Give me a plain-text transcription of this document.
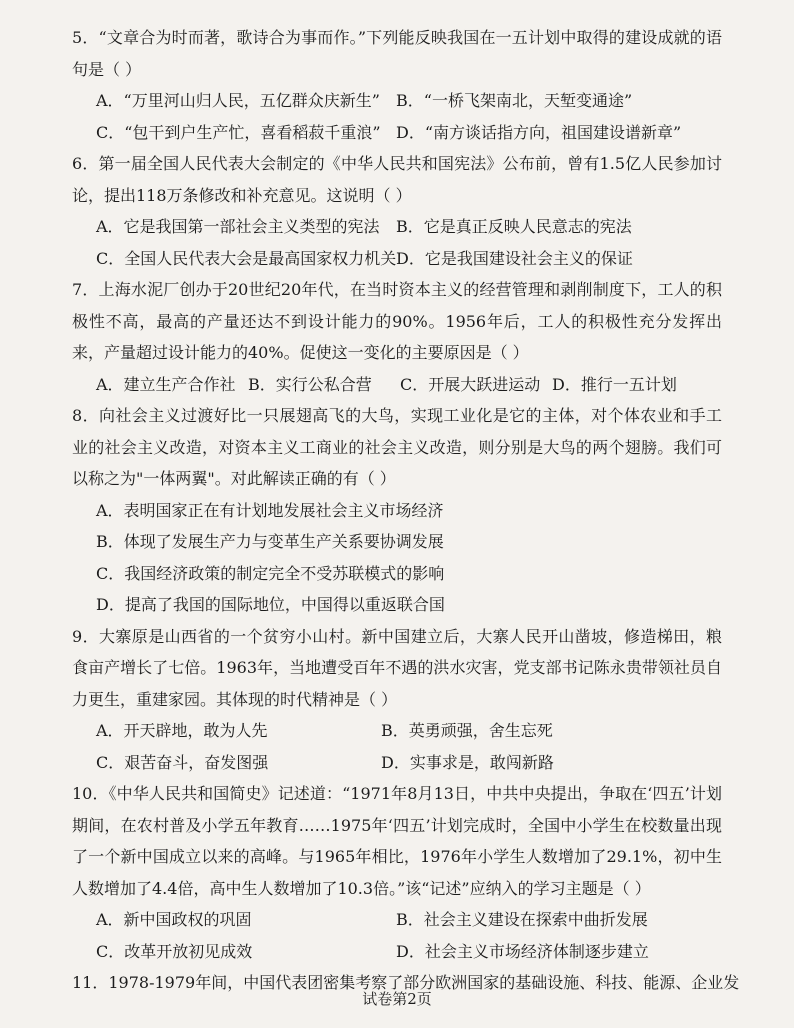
5．“文章合为时而著，歌诗合为事而作。”下列能反映我国在一五计划中取得的建设成就的语句是（ ）
A．“万里河山归人民，五亿群众庆新生”	B．“一桥飞架南北，天堑变通途”
C．“包干到户生产忙，喜看稻菽千重浪” D．“南方谈话指方向，祖国建设谱新章”
6．第一届全国人民代表大会制定的《中华人民共和国宪法》公布前，曾有1.5亿人民参加讨论，提出118万条修改和补充意见。这说明（ ）
A．它是我国第一部社会主义类型的宪法	B．它是真正反映人民意志的宪法
C．全国人民代表大会是最高国家权力机关 D．它是我国建设社会主义的保证
7．上海水泥厂创办于20世纪20年代，在当时资本主义的经营管理和剥削制度下，工人的积极性不高，最高的产量还达不到设计能力的90%。1956年后，工人的积极性充分发挥出来，产量超过设计能力的40%。促使这一变化的主要原因是（ ）
A．建立生产合作社 B．实行公私合营	C．开展大跃进运动 D．推行一五计划
8．向社会主义过渡好比一只展翅高飞的大鸟，实现工业化是它的主体，对个体农业和手工业的社会主义改造，对资本主义工商业的社会主义改造，则分别是大鸟的两个翅膀。我们可以称之为"一体两翼"。对此解读正确的有（ ）
A．表明国家正在有计划地发展社会主义市场经济
B．体现了发展生产力与变革生产关系要协调发展
C．我国经济政策的制定完全不受苏联模式的影响
D．提高了我国的国际地位，中国得以重返联合国
9．大寨原是山西省的一个贫穷小山村。新中国建立后，大寨人民开山凿坡，修造梯田，粮食亩产增长了七倍。1963年，当地遭受百年不遇的洪水灾害，党支部书记陈永贵带领社员自力更生，重建家园。其体现的时代精神是（ ）
A．开天辟地，敢为人先	B．英勇顽强，舍生忘死
C．艰苦奋斗，奋发图强	D．实事求是，敢闯新路
10．《中华人民共和国简史》记述道：“1971年8月13日，中共中央提出，争取在‘四五’计划期间，在农村普及小学五年教育……1975年‘四五’计划完成时，全国中小学生在校数量出现了一个新中国成立以来的高峰。与1965年相比，1976年小学生人数增加了29.1%，初中生人数增加了4.4倍，高中生人数增加了10.3倍。”该“记述”应纳入的学习主题是（ ）
A．新中国政权的巩固	B．社会主义建设在探索中曲折发展
C．改革开放初见成效	D．社会主义市场经济体制逐步建立
11．1978-1979年间，中国代表团密集考察了部分欧洲国家的基础设施、科技、能源、企业发
试卷第2页
